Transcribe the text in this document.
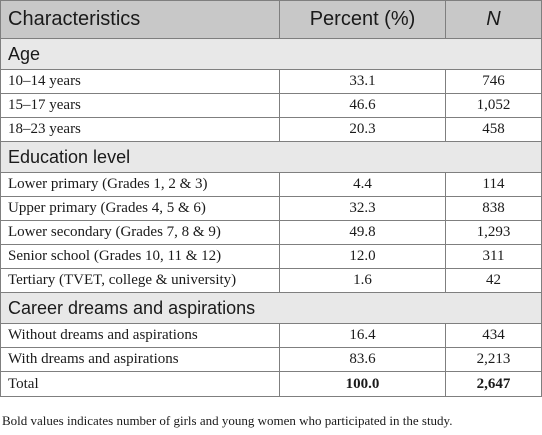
Characteristics	Percent (%)	N
Age		
10–14 years	33.1	746
15–17 years	46.6	1,052
18–23 years	20.3	458
Education level		
Lower primary (Grades 1, 2 & 3)	4.4	114
Upper primary (Grades 4, 5 & 6)	32.3	838
Lower secondary (Grades 7, 8 & 9)	49.8	1,293
Senior school (Grades 10, 11 & 12)	12.0	311
Tertiary (TVET, college & university)	1.6	42
Career dreams and aspirations		
Without dreams and aspirations	16.4	434
With dreams and aspirations	83.6	2,213
Total	100.0	2,647
Bold values indicates number of girls and young women who participated in the study.
